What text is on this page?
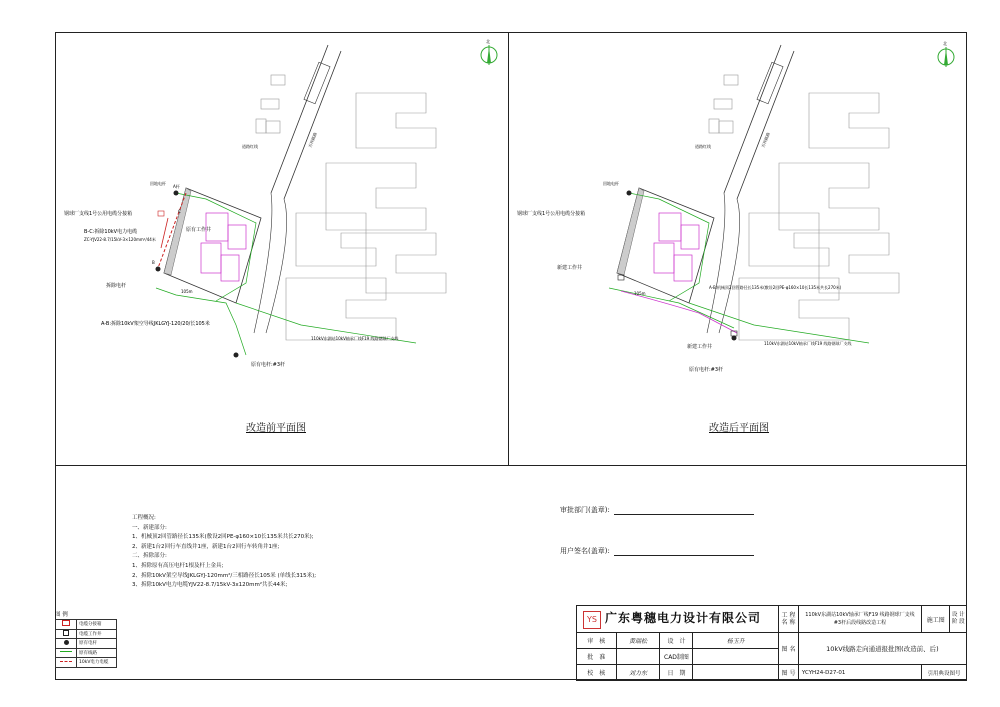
北
吉祥路路
钢球厂支线1号公用电缆分接箱
B-C:拆除10kV电力电缆
ZC-YJV22-8.7/15kV-3×120mm²/44米
原有工作井
拆除电杆
A-B:拆除10kV架空导线JKLGYJ-120/20/长105米
110kV东湖站10kV轴承厂线F19 线路钢球厂支线
原有电杆:#3杆
A杆
B
C
回地电杆
105m
道路红线
改造前平面图
北
吉祥路路
钢球厂支线1号公用电缆分接箱
A-B:机械顶2回管路径长135米(敷设2回PE-φ160×10长135米共长270米)
新建工作井
新建工作井
110kV东湖站10kV轴承厂线F19 线路钢球厂支线
原有电杆:#3杆
回地电杆
105m
道路红线
改造后平面图
工程概况:
一、新建部分:
1、机械顶2回管路径长135米(敷设2回PE-φ160×10长135米共长270米);
2、新建1台2回行车直线井1座，新建1台2回行车转角井1座;
二、拆除部分:
1、拆除原有高压电杆1根及杆上金具;
2、拆除10kV架空导线JKLGYJ-120mm²/三相路径长105米 (单线长315米);
3、拆除10kV电力电缆YJV22-8.7/15kV-3x120mm²共长44米;
审批部门(盖章):
用户签名(盖章):
图 例
	电缆分接箱
	电缆工作井
	原有电杆
	原有线路
	10kV电力电缆
YS 广东粤穗电力设计有限公司				工 程 名 称	110kV东湖站10kV轴承厂线F19 线路钢球厂支线
#3杆后段线路改造工程	施工图	设 计 阶 段
审　核	黄瑞松	设　计	杨玉升	图 名	10kV线路走向通道报批图(改造前、后)		
批　准		CAD制图					
校　核	刘力东	日　期		图 号	YCYH24-D27-01	引用典设图号	
